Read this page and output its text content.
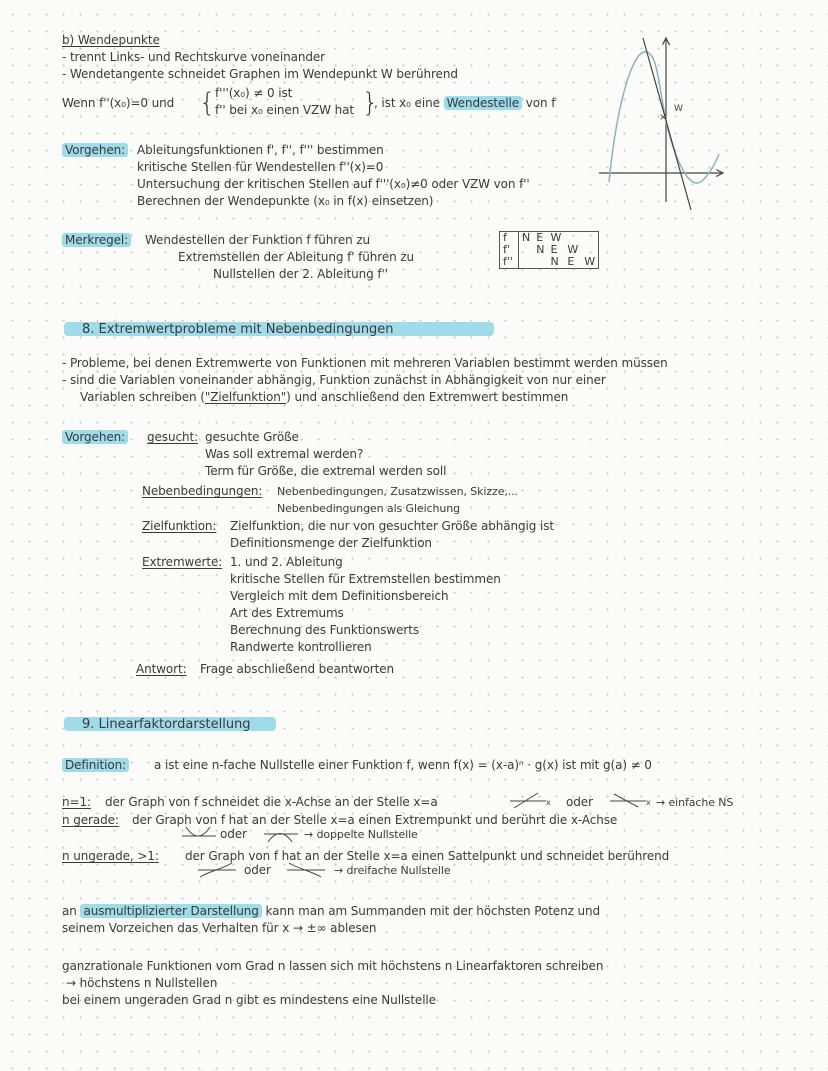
b) Wendepunkte
- trennt Links- und Rechtskurve voneinander
- Wendetangente schneidet Graphen im Wendepunkt W berührend
Wenn f''(x₀)=0 und { f'''(x₀) ≠ 0 ist
f'' bei x₀ einen VZW hat }
, ist x₀ eine Wendestelle von f
Vorgehen: Ableitungsfunktionen f', f'', f''' bestimmen
kritische Stellen für Wendestellen f''(x)=0
Untersuchung der kritischen Stellen auf f'''(x₀)≠0 oder VZW von f''
Berechnen der Wendepunkte (x₀ in f(x) einsetzen)
Merkregel: Wendestellen der Funktion f führen zu
Extremstellen der Ableitung f' führen zu
Nullstellen der 2. Ableitung f''
f	N	E	W		
f'		N	E	W	
f''			N	E	W
W
×
8. Extremwertprobleme mit Nebenbedingungen
- Probleme, bei denen Extremwerte von Funktionen mit mehreren Variablen bestimmt werden müssen
- sind die Variablen voneinander abhängig, Funktion zunächst in Abhängigkeit von nur einer
Variablen schreiben ("Zielfunktion") und anschließend den Extremwert bestimmen
Vorgehen: gesucht: gesuchte Größe
Was soll extremal werden?
Term für Größe, die extremal werden soll
Nebenbedingungen: Nebenbedingungen, Zusatzwissen, Skizze,...
Nebenbedingungen als Gleichung
Zielfunktion: Zielfunktion, die nur von gesuchter Größe abhängig ist
Definitionsmenge der Zielfunktion
Extremwerte: 1. und 2. Ableitung
kritische Stellen für Extremstellen bestimmen
Vergleich mit dem Definitionsbereich
Art des Extremums
Berechnung des Funktionswerts
Randwerte kontrollieren
Antwort: Frage abschließend beantworten
9. Linearfaktordarstellung
Definition: a ist eine n-fache Nullstelle einer Funktion f, wenn f(x) = (x-a)ⁿ · g(x) ist mit g(a) ≠ 0
n=1: der Graph von f schneidet die x-Achse an der Stelle x=a	x oder	x → einfache NS
n gerade: der Graph von f hat an der Stelle x=a einen Extrempunkt und berührt die x-Achse
oder	→ doppelte Nullstelle
n ungerade, >1: der Graph von f hat an der Stelle x=a einen Sattelpunkt und schneidet berührend
oder	→ dreifache Nullstelle
an ausmultiplizierter Darstellung kann man am Summanden mit der höchsten Potenz und
seinem Vorzeichen das Verhalten für x → ±∞ ablesen
ganzrationale Funktionen vom Grad n lassen sich mit höchstens n Linearfaktoren schreiben
→ höchstens n Nullstellen
bei einem ungeraden Grad n gibt es mindestens eine Nullstelle
